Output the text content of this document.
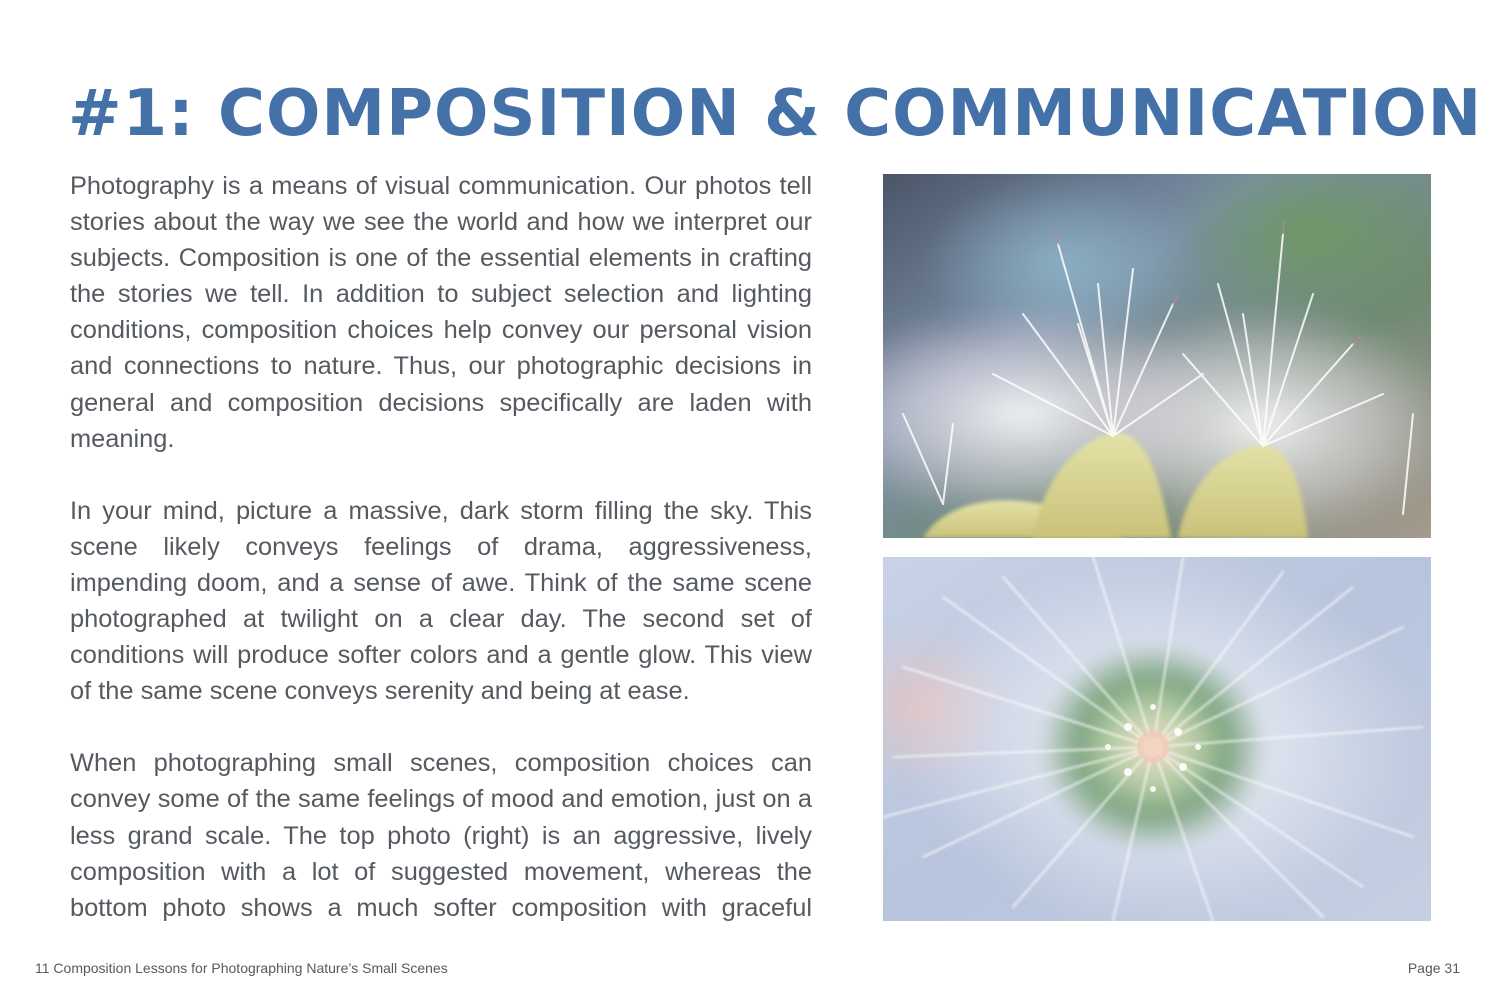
#1: COMPOSITION & COMMUNICATION

Photography is a means of visual communication. Our photos tell stories about the way we see the world and how we interpret our subjects. Composition is one of the essential elements in crafting the stories we tell. In addition to subject selection and lighting conditions, composition choices help convey our personal vision and connections to nature. Thus, our photographic decisions in general and composition decisions specifically are laden with meaning.

In your mind, picture a massive, dark storm filling the sky. This scene likely conveys feelings of drama, aggressiveness, impending doom, and a sense of awe. Think of the same scene photographed at twilight on a clear day. The second set of conditions will produce softer colors and a gentle glow. This view of the same scene conveys serenity and being at ease.

When photographing small scenes, composition choices can convey some of the same feelings of mood and emotion, just on a less grand scale. The top photo (right) is an aggressive, lively composition with a lot of suggested movement, whereas the bottom photo shows a much softer composition with graceful

11 Composition Lessons for Photographing Nature’s Small Scenes	Page 31
